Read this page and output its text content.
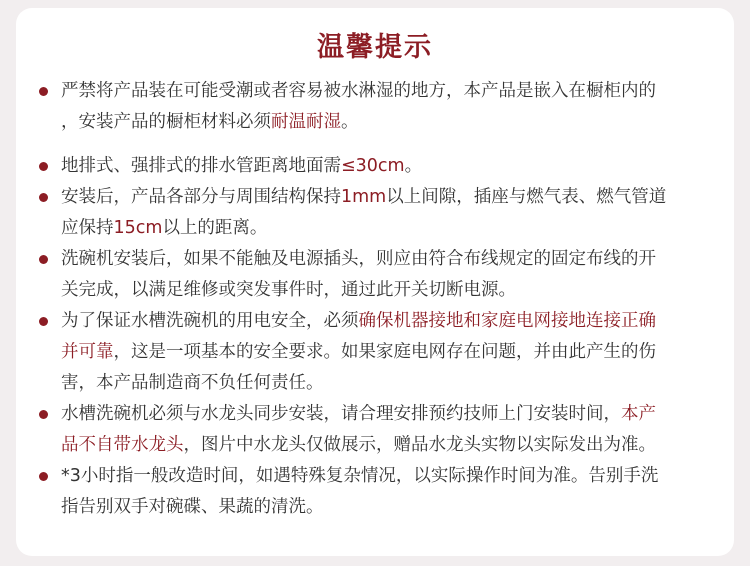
温馨提示
严禁将产品装在可能受潮或者容易被水淋湿的地方，本产品是嵌入在橱柜内的
，安装产品的橱柜材料必须耐温耐湿。
地排式、强排式的排水管距离地面需≤30cm。
安装后，产品各部分与周围结构保持1mm以上间隙，插座与燃气表、燃气管道
应保持15cm以上的距离。
洗碗机安装后，如果不能触及电源插头，则应由符合布线规定的固定布线的开
关完成，以满足维修或突发事件时，通过此开关切断电源。
为了保证水槽洗碗机的用电安全，必须确保机器接地和家庭电网接地连接正确
并可靠，这是一项基本的安全要求。如果家庭电网存在问题，并由此产生的伤
害，本产品制造商不负任何责任。
水槽洗碗机必须与水龙头同步安装，请合理安排预约技师上门安装时间，本产
品不自带水龙头，图片中水龙头仅做展示，赠品水龙头实物以实际发出为准。
*3小时指一般改造时间，如遇特殊复杂情况，以实际操作时间为准。告别手洗
指告别双手对碗碟、果蔬的清洗。
